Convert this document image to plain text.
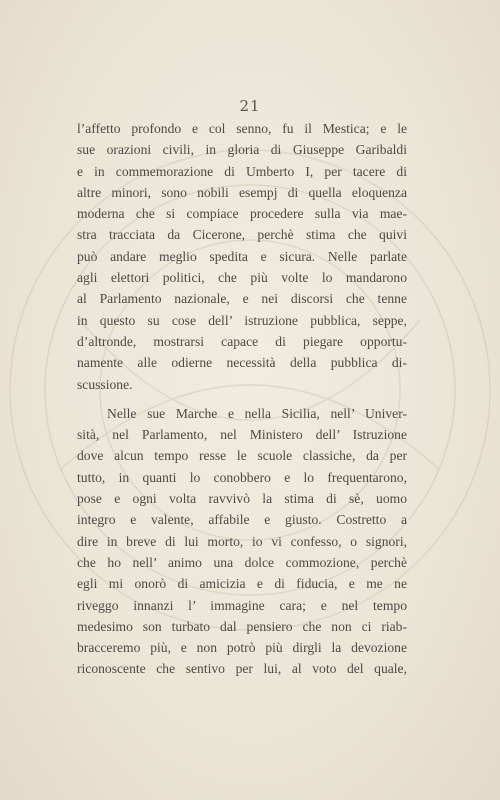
21
l’affetto profondo e col senno, fu il Mestica; e le
sue orazioni civili, in gloria di Giuseppe Garibaldi
e in commemorazione di Umberto I, per tacere di
altre minori, sono nobili esempj di quella eloquenza
moderna che si compiace procedere sulla via mae-
stra tracciata da Cicerone, perchè stima che quivi
può andare meglio spedita e sicura. Nelle parlate
agli elettori politici, che più volte lo mandarono
al Parlamento nazionale, e nei discorsi che tenne
in questo su cose dell’ istruzione pubblica, seppe,
d’altronde, mostrarsi capace di piegare opportu-
namente alle odierne necessità della pubblica di-
scussione.
Nelle sue Marche e nella Sicilia, nell’ Univer-
sità, nel Parlamento, nel Ministero dell’ Istruzione
dove alcun tempo resse le scuole classiche, da per
tutto, in quanti lo conobbero e lo frequentarono,
pose e ogni volta ravvivò la stima di sè, uomo
integro e valente, affabile e giusto. Costretto a
dire in breve di lui morto, io vi confesso, o signori,
che ho nell’ animo una dolce commozione, perchè
egli mi onorò di amicizia e di fiducia, e me ne
riveggo innanzi l’ immagine cara; e nel tempo
medesimo son turbato dal pensiero che non ci riab-
bracceremo più, e non potrò più dirgli la devozione
riconoscente che sentivo per lui, al voto del quale,
